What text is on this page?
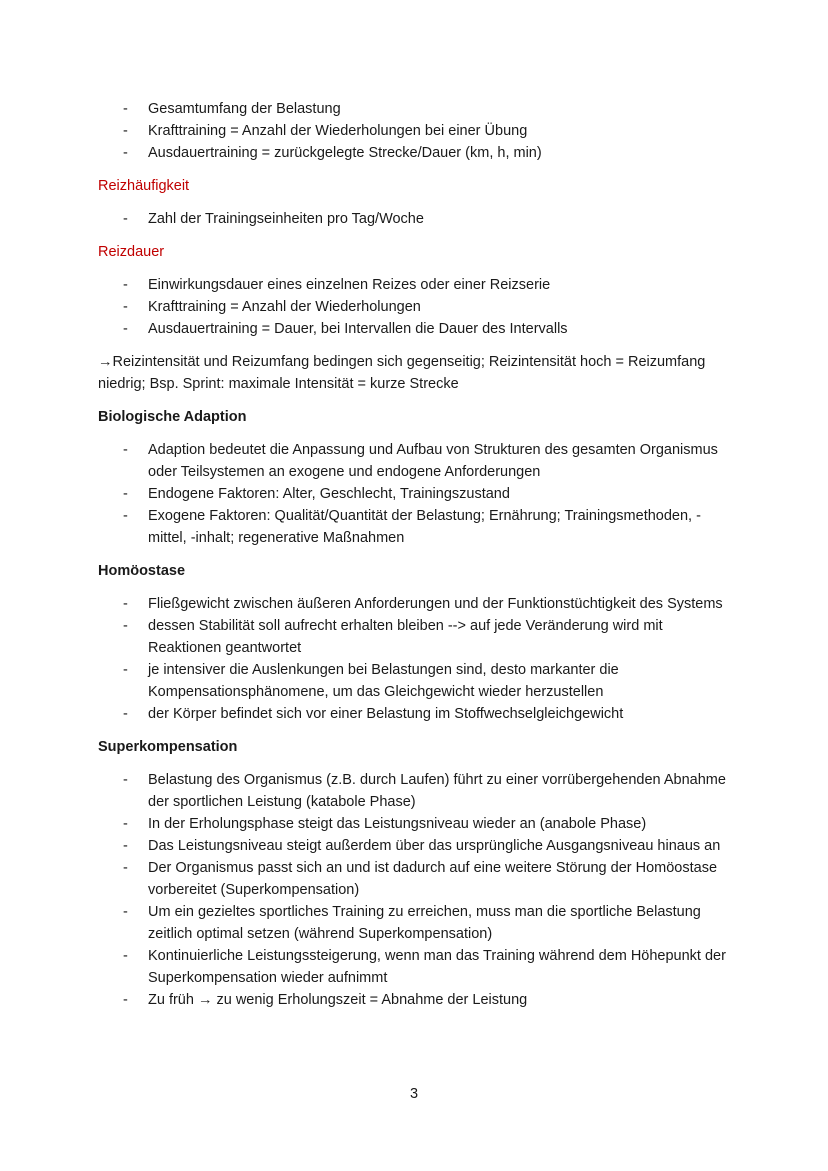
- Gesamtumfang der Belastung
- Krafttraining = Anzahl der Wiederholungen bei einer Übung
- Ausdauertraining = zurückgelegte Strecke/Dauer (km, h, min)
Reizhäufigkeit
- Zahl der Trainingseinheiten pro Tag/Woche
Reizdauer
- Einwirkungsdauer eines einzelnen Reizes oder einer Reizserie
- Krafttraining = Anzahl der Wiederholungen
- Ausdauertraining = Dauer, bei Intervallen die Dauer des Intervalls
→Reizintensität und Reizumfang bedingen sich gegenseitig; Reizintensität hoch = Reizumfang niedrig; Bsp. Sprint: maximale Intensität = kurze Strecke
Biologische Adaption
- Adaption bedeutet die Anpassung und Aufbau von Strukturen des gesamten Organismus oder Teilsystemen an exogene und endogene Anforderungen
- Endogene Faktoren: Alter, Geschlecht, Trainingszustand
- Exogene Faktoren: Qualität/Quantität der Belastung; Ernährung; Trainingsmethoden, -mittel, -inhalt; regenerative Maßnahmen
Homöostase
- Fließgewicht zwischen äußeren Anforderungen und der Funktionstüchtigkeit des Systems
- dessen Stabilität soll aufrecht erhalten bleiben --> auf jede Veränderung wird mit Reaktionen geantwortet
- je intensiver die Auslenkungen bei Belastungen sind, desto markanter die Kompensationsphänomene, um das Gleichgewicht wieder herzustellen
- der Körper befindet sich vor einer Belastung im Stoffwechselgleichgewicht
Superkompensation
- Belastung des Organismus (z.B. durch Laufen) führt zu einer vorrübergehenden Abnahme der sportlichen Leistung (katabole Phase)
- In der Erholungsphase steigt das Leistungsniveau wieder an (anabole Phase)
- Das Leistungsniveau steigt außerdem über das ursprüngliche Ausgangsniveau hinaus an
- Der Organismus passt sich an und ist dadurch auf eine weitere Störung der Homöostase vorbereitet (Superkompensation)
- Um ein gezieltes sportliches Training zu erreichen, muss man die sportliche Belastung zeitlich optimal setzen (während Superkompensation)
- Kontinuierliche Leistungssteigerung, wenn man das Training während dem Höhepunkt der Superkompensation wieder aufnimmt
- Zu früh → zu wenig Erholungszeit = Abnahme der Leistung
3
